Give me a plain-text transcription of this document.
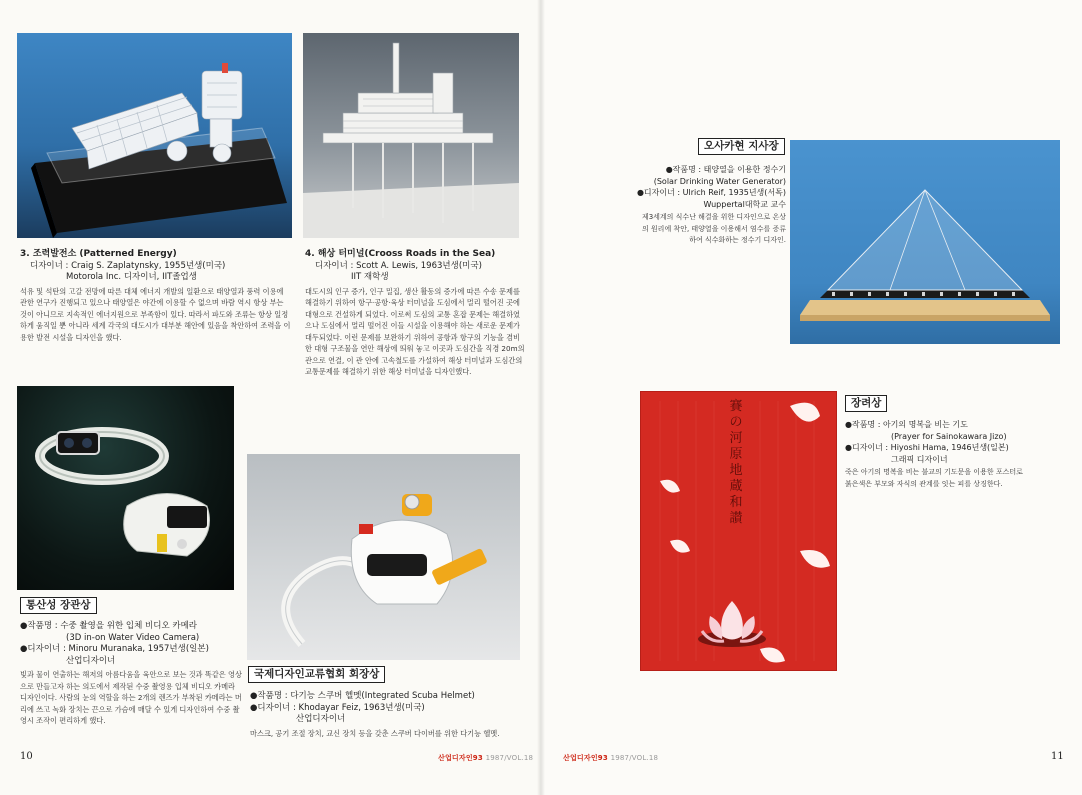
3. 조력발전소 (Patterned Energy)
디자이너 : Craig S. Zaplatynsky, 1955년생(미국)
Motorola Inc. 디자이너, IIT졸업생
석유 및 석탄의 고갈 전망에 따른 대체 에너지 개발의 일환으로 태양열과 풍력 이용에 관한 연구가 진행되고 있으나 태양열은 야간에 이용할 수 없으며 바람 역시 항상 부는 것이 아니므로 지속적인 에너지원으로 부족함이 있다. 따라서 파도와 조류는 항상 일정하게 움직일 뿐 아니라 세계 각국의 대도시가 대부분 해안에 있음을 착안하여 조력을 이용한 발전 시설을 디자인을 했다.
4. 해상 터미널(Crooss Roads in the Sea)
디자이너 : Scott A. Lewis, 1963년생(미국)
IIT 재학생
대도시의 인구 증가, 인구 밀집, 생산 활동의 증가에 따른 수송 문제를 해결하기 위하여 항구·공항·육상 터미널을 도심에서 멀리 떨어진 곳에 대형으로 건설하게 되었다. 이로써 도심의 교통 혼잡 문제는 해결하였으나 도심에서 멀리 떨어진 이들 시설을 이용해야 하는 새로운 문제가 대두되었다. 이런 문제를 보완하기 위하여 공항과 항구의 기능을 겸비한 대형 구조물을 연안 해상에 띄워 놓고 이곳과 도심간을 직경 20m의 관으로 연결, 이 관 안에 고속철도를 가설하여 해상 터미널과 도심간의 교통문제를 해결하기 위한 해상 터미널을 디자인했다.
통산성 장관상
●작품명 : 수중 촬영을 위한 입체 비디오 카메라
(3D in-on Water Video Camera)
●디자이너 : Minoru Muranaka, 1957년생(일본)
산업디자이너
빛과 물이 연출하는 해저의 아름다움을 육안으로 보는 것과 똑같은 영상으로 만들고자 하는 의도에서 제작된 수중 촬영용 입체 비디오 카메라 디자인이다. 사람의 눈의 역할을 하는 2개의 렌즈가 부착된 카메라는 머리에 쓰고 녹화 장치는 끈으로 가슴에 매달 수 있게 디자인하여 수중 촬영시 조작이 편리하게 했다.
국제디자인교류협회 회장상
●작품명 : 다기능 스쿠버 헬멧(Integrated Scuba Helmet)
●디자이너 : Khodayar Feiz, 1963년생(미국)
산업디자이너
마스크, 공기 조절 장치, 교신 장치 등을 갖춘 스쿠버 다이버를 위한 다기능 헬멧.
10	산업디자인93 1987/VOL.18
오사카현 지사장
●작품명 : 태양열을 이용한 정수기
(Solar Drinking Water Generator)
●디자이너 : Ulrich Reif, 1935년생(서독)
Wuppertal대학교 교수
제3세계의 식수난 해결을 위한 디자인으로 온상의 원리에 착안, 태양열을 이용해서 염수를 증류하여 식수화하는 정수기 디자인.
賽の河原地蔵和讃
장려상
●작품명 : 아기의 명복을 비는 기도
(Prayer for Sainokawara Jizo)
●디자이너 : Hiyoshi Hama, 1946년생(일본)
그래픽 디자이너
죽은 아기의 명복을 비는 불교의 기도문을 이용한 포스터로 붉은색은 부모와 자식의 관계를 잇는 피를 상징한다.
산업디자인93 1987/VOL.18	11
